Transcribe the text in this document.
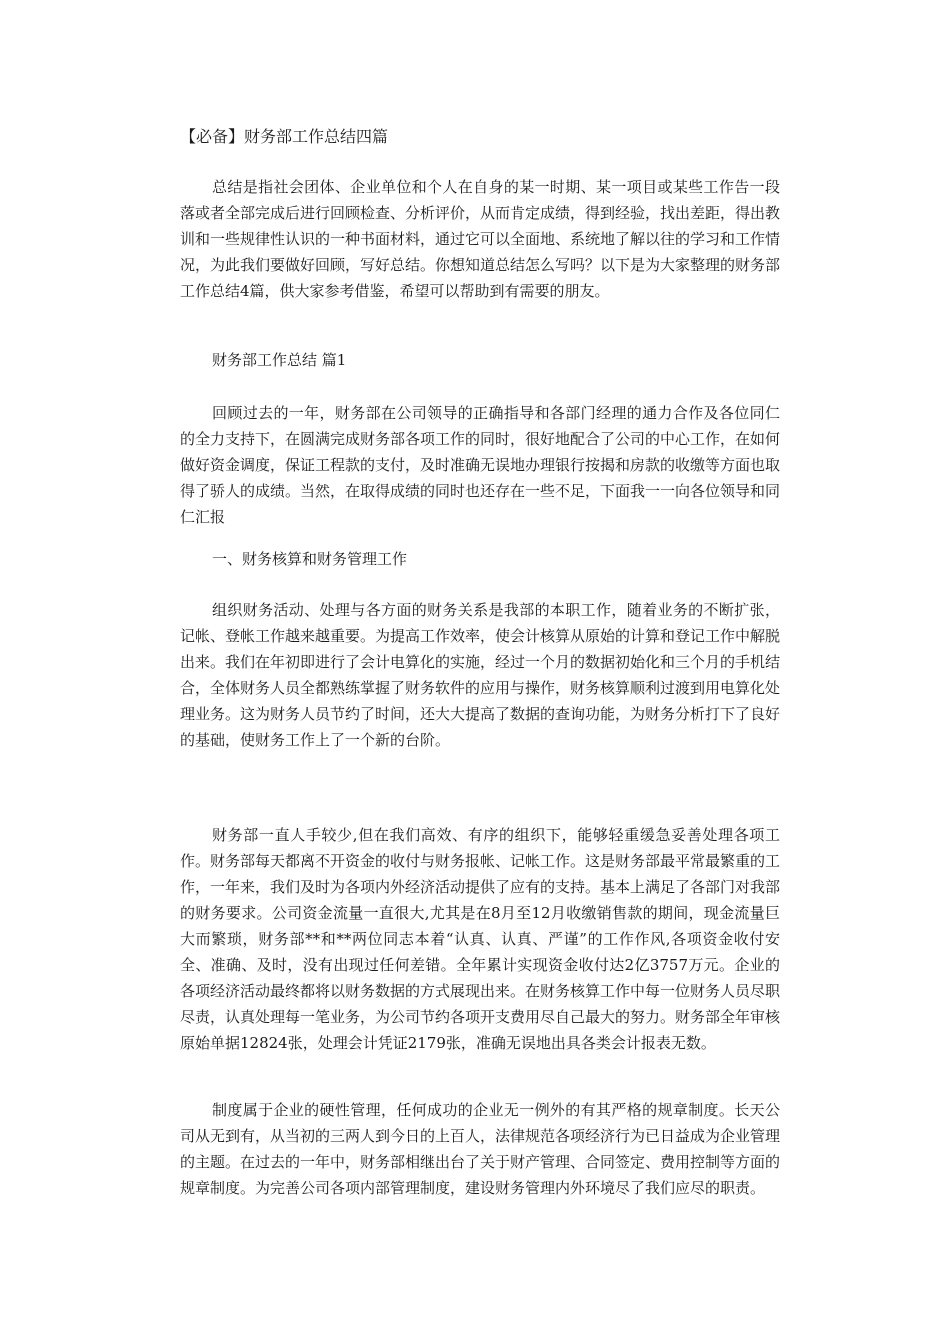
【必备】财务部工作总结四篇

总结是指社会团体、企业单位和个人在自身的某一时期、某一项目或某些工作告一段落或者全部完成后进行回顾检查、分析评价，从而肯定成绩，得到经验，找出差距，得出教训和一些规律性认识的一种书面材料，通过它可以全面地、系统地了解以往的学习和工作情况，为此我们要做好回顾，写好总结。你想知道总结怎么写吗？以下是为大家整理的财务部工作总结4篇，供大家参考借鉴，希望可以帮助到有需要的朋友。

财务部工作总结 篇1

回顾过去的一年，财务部在公司领导的正确指导和各部门经理的通力合作及各位同仁的全力支持下，在圆满完成财务部各项工作的同时，很好地配合了公司的中心工作，在如何做好资金调度，保证工程款的支付，及时准确无误地办理银行按揭和房款的收缴等方面也取得了骄人的成绩。当然，在取得成绩的同时也还存在一些不足，下面我一一向各位领导和同仁汇报

一、财务核算和财务管理工作

组织财务活动、处理与各方面的财务关系是我部的本职工作，随着业务的不断扩张，记帐、登帐工作越来越重要。为提高工作效率，使会计核算从原始的计算和登记工作中解脱出来。我们在年初即进行了会计电算化的实施，经过一个月的数据初始化和三个月的手机结合，全体财务人员全都熟练掌握了财务软件的应用与操作，财务核算顺利过渡到用电算化处理业务。这为财务人员节约了时间，还大大提高了数据的查询功能，为财务分析打下了良好的基础，使财务工作上了一个新的台阶。

财务部一直人手较少,但在我们高效、有序的组织下，能够轻重缓急妥善处理各项工作。财务部每天都离不开资金的收付与财务报帐、记帐工作。这是财务部最平常最繁重的工作，一年来，我们及时为各项内外经济活动提供了应有的支持。基本上满足了各部门对我部的财务要求。公司资金流量一直很大,尤其是在8月至12月收缴销售款的期间，现金流量巨大而繁琐，财务部**和**两位同志本着“认真、认真、严谨”的工作作风,各项资金收付安全、准确、及时，没有出现过任何差错。全年累计实现资金收付达2亿3757万元。企业的各项经济活动最终都将以财务数据的方式展现出来。在财务核算工作中每一位财务人员尽职尽责，认真处理每一笔业务，为公司节约各项开支费用尽自己最大的努力。财务部全年审核原始单据12824张，处理会计凭证2179张，准确无误地出具各类会计报表无数。

制度属于企业的硬性管理，任何成功的企业无一例外的有其严格的规章制度。长天公司从无到有，从当初的三两人到今日的上百人，法律规范各项经济行为已日益成为企业管理的主题。在过去的一年中，财务部相继出台了关于财产管理、合同签定、费用控制等方面的规章制度。为完善公司各项内部管理制度，建设财务管理内外环境尽了我们应尽的职责。
